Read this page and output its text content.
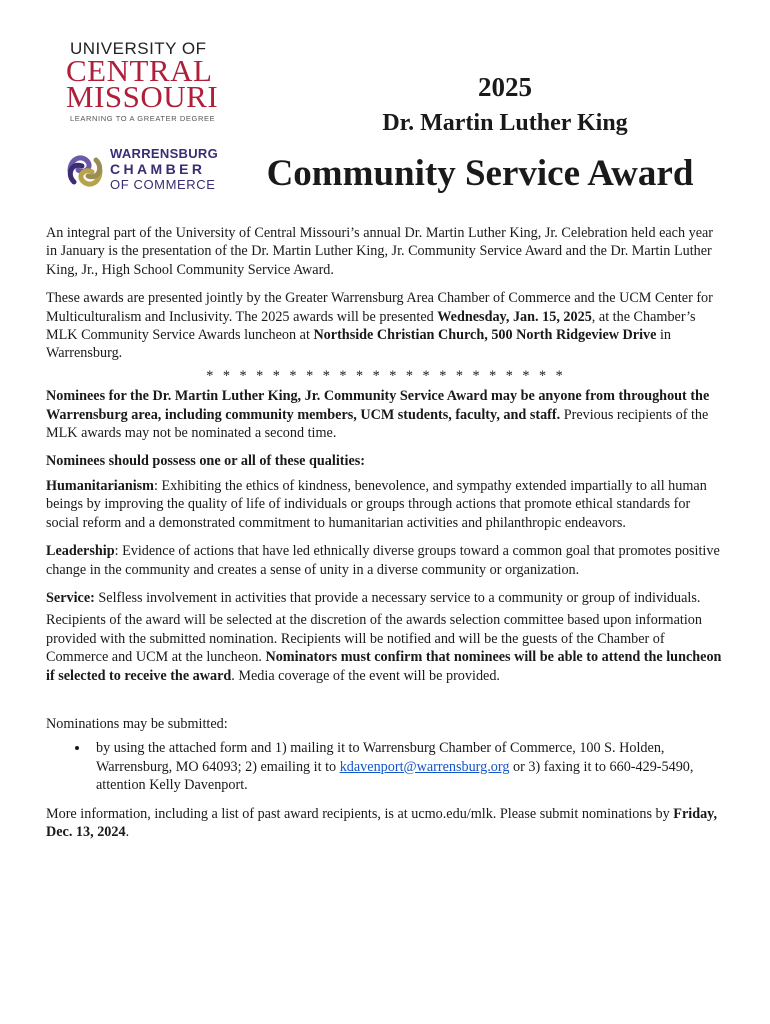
UNIVERSITY OF
CENTRAL
MISSOURI
LEARNING TO A GREATER DEGREE
WARRENSBURG
CHAMBER
OF COMMERCE
2025
Dr. Martin Luther King
Community Service Award

An integral part of the University of Central Missouri’s annual Dr. Martin Luther King, Jr. Celebration held each year in January is the presentation of the Dr. Martin Luther King, Jr. Community Service Award and the Dr. Martin Luther King, Jr., High School Community Service Award.

These awards are presented jointly by the Greater Warrensburg Area Chamber of Commerce and the UCM Center for Multiculturalism and Inclusivity. The 2025 awards will be presented Wednesday, Jan. 15, 2025, at the Chamber’s MLK Community Service Awards luncheon at Northside Christian Church, 500 North Ridgeview Drive in Warrensburg.

* * * * * * * * * * * * * * * * * * * * * *

Nominees for the Dr. Martin Luther King, Jr. Community Service Award may be anyone from throughout the Warrensburg area, including community members, UCM students, faculty, and staff. Previous recipients of the MLK awards may not be nominated a second time.

Nominees should possess one or all of these qualities:

Humanitarianism: Exhibiting the ethics of kindness, benevolence, and sympathy extended impartially to all human beings by improving the quality of life of individuals or groups through actions that promote ethical standards for social reform and a demonstrated commitment to humanitarian activities and philanthropic endeavors.

Leadership: Evidence of actions that have led ethnically diverse groups toward a common goal that promotes positive change in the community and creates a sense of unity in a diverse community or organization.

Service: Selfless involvement in activities that provide a necessary service to a community or group of individuals.

Recipients of the award will be selected at the discretion of the awards selection committee based upon information provided with the submitted nomination. Recipients will be notified and will be the guests of the Chamber of Commerce and UCM at the luncheon. Nominators must confirm that nominees will be able to attend the luncheon if selected to receive the award. Media coverage of the event will be provided.

Nominations may be submitted:

• by using the attached form and 1) mailing it to Warrensburg Chamber of Commerce, 100 S. Holden, Warrensburg, MO 64093; 2) emailing it to kdavenport@warrensburg.org or 3) faxing it to 660-429-5490, attention Kelly Davenport.

More information, including a list of past award recipients, is at ucmo.edu/mlk. Please submit nominations by Friday, Dec. 13, 2024.
